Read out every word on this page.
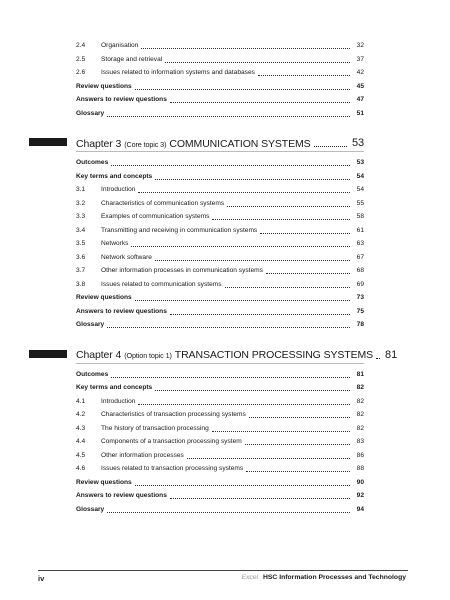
2.4	Organisation	32
2.5	Storage and retrieval	37
2.6	Issues related to information systems and databases	42
Review questions	45
Answers to review questions	47
Glossary	51
Chapter 3 (Core topic 3) COMMUNICATION SYSTEMS	53
Outcomes	53
Key terms and concepts	54
3.1	Introduction	54
3.2	Characteristics of communication systems	55
3.3	Examples of communication systems	58
3.4	Transmitting and receiving in communication systems	61
3.5	Networks	63
3.6	Network software	67
3.7	Other information processes in communication systems	68
3.8	Issues related to communication systems	69
Review questions	73
Answers to review questions	75
Glossary	78
Chapter 4 (Option topic 1) TRANSACTION PROCESSING SYSTEMS 81
Outcomes	81
Key terms and concepts	82
4.1	Introduction	82
4.2	Characteristics of transaction processing systems	82
4.3	The history of transaction processing	82
4.4	Components of a transaction processing system	83
4.5	Other information processes	86
4.6	Issues related to transaction processing systems	88
Review questions	90
Answers to review questions	92
Glossary	94
iv	Excel HSC Information Processes and Technology
